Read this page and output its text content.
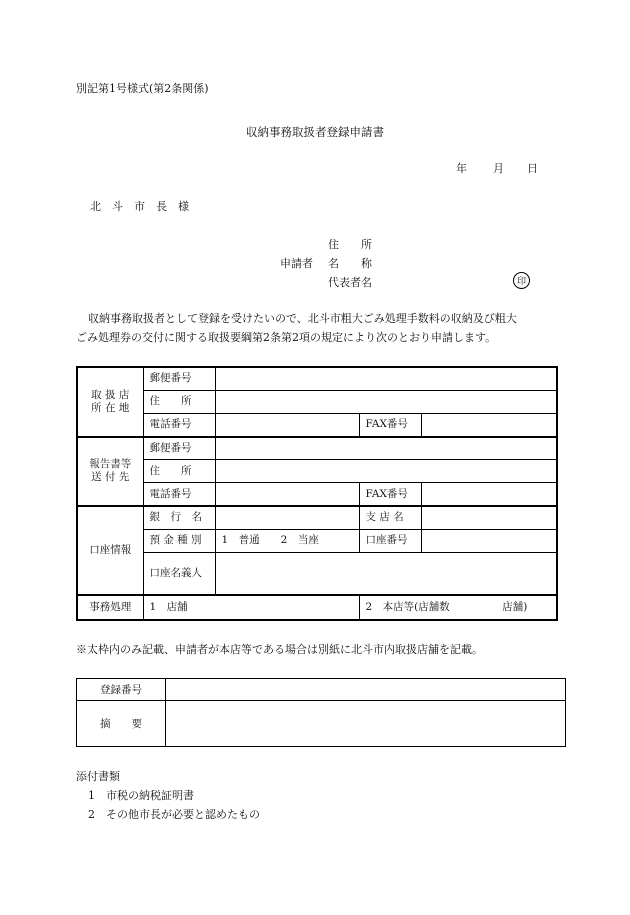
別記第1号様式(第2条関係)
収納事務取扱者登録申請書
年 月 日
北　斗　市　長　様
住　　所
申請者 名　　称
代表者名	印
収納事務取扱者として登録を受けたいので、北斗市粗大ごみ処理手数料の収納及び粗大
ごみ処理券の交付に関する取扱要綱第2条第2項の規定により次のとおり申請します。
取 扱 店
所 在 地	郵便番号			
	住　　所			
	電話番号		FAX番号	

報告書等
送 付 先	郵便番号			
	住　　所			
	電話番号		FAX番号	
口座情報	銀　行　名		支 店 名	
	預 金 種 別	1　普通　　2　当座	口座番号	
	口座名義人			
事務処理	1　店舗		2　本店等(店舗数　　　　　店舗)	
※太枠内のみ記載、申請者が本店等である場合は別紙に北斗市内取扱店舗を記載。
登録番号	
摘　　要	
添付書類
1　市税の納税証明書
2　その他市長が必要と認めたもの
